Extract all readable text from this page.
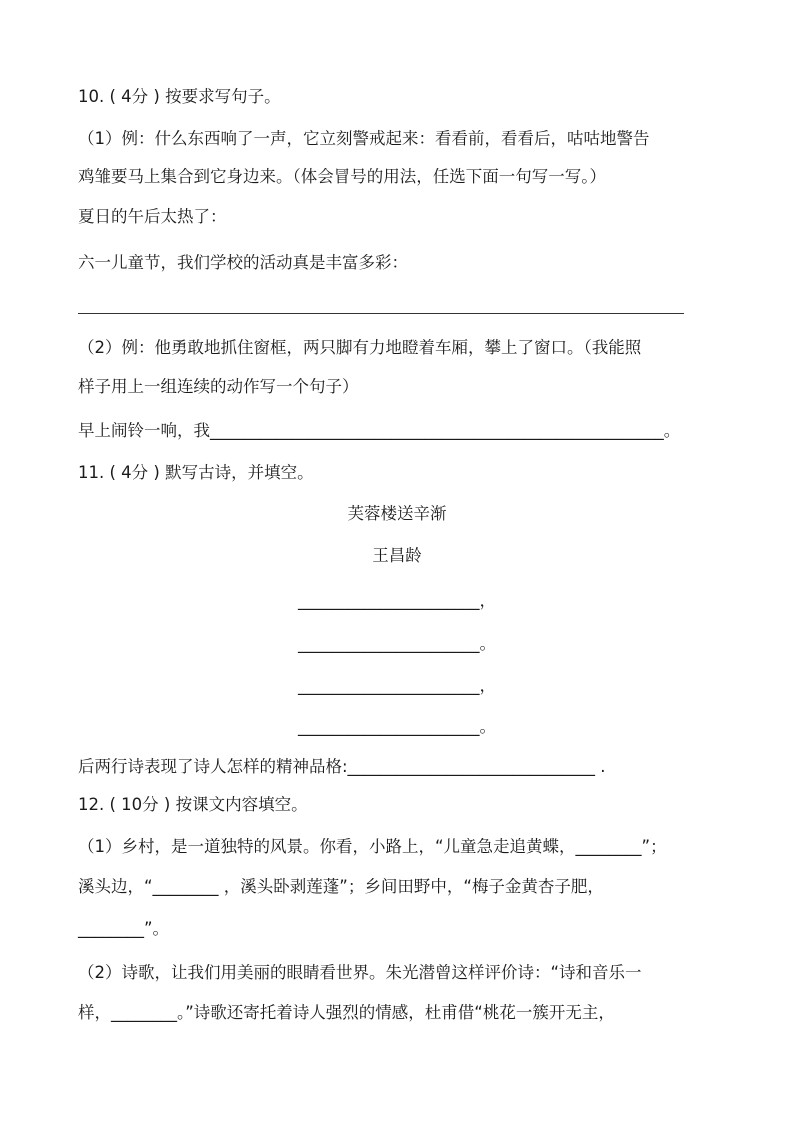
10. ( 4分 ) 按要求写句子。
（1）例：什么东西响了一声，它立刻警戒起来：看看前，看看后，咕咕地警告
鸡雏要马上集合到它身边来。（体会冒号的用法，任选下面一句写一写。）
夏日的午后太热了：
六一儿童节，我们学校的活动真是丰富多彩：
（2）例：他勇敢地抓住窗框，两只脚有力地瞪着车厢，攀上了窗口。（我能照
样子用上一组连续的动作写一个句子）
早上闹铃一响，我_______________________________________________________。
11. ( 4分 ) 默写古诗，并填空。
芙蓉楼送辛渐
王昌龄
______________________，
______________________。
______________________，
______________________。
后两行诗表现了诗人怎样的精神品格:______________________________ .
12. ( 10分 ) 按课文内容填空。
（1）乡村，是一道独特的风景。你看，小路上，“儿童急走追黄蝶，________”；
溪头边，“________ ，溪头卧剥莲蓬”；乡间田野中，“梅子金黄杏子肥，
________”。
（2）诗歌，让我们用美丽的眼睛看世界。朱光潜曾这样评价诗：“诗和音乐一
样，________。”诗歌还寄托着诗人强烈的情感，杜甫借“桃花一簇开无主，
